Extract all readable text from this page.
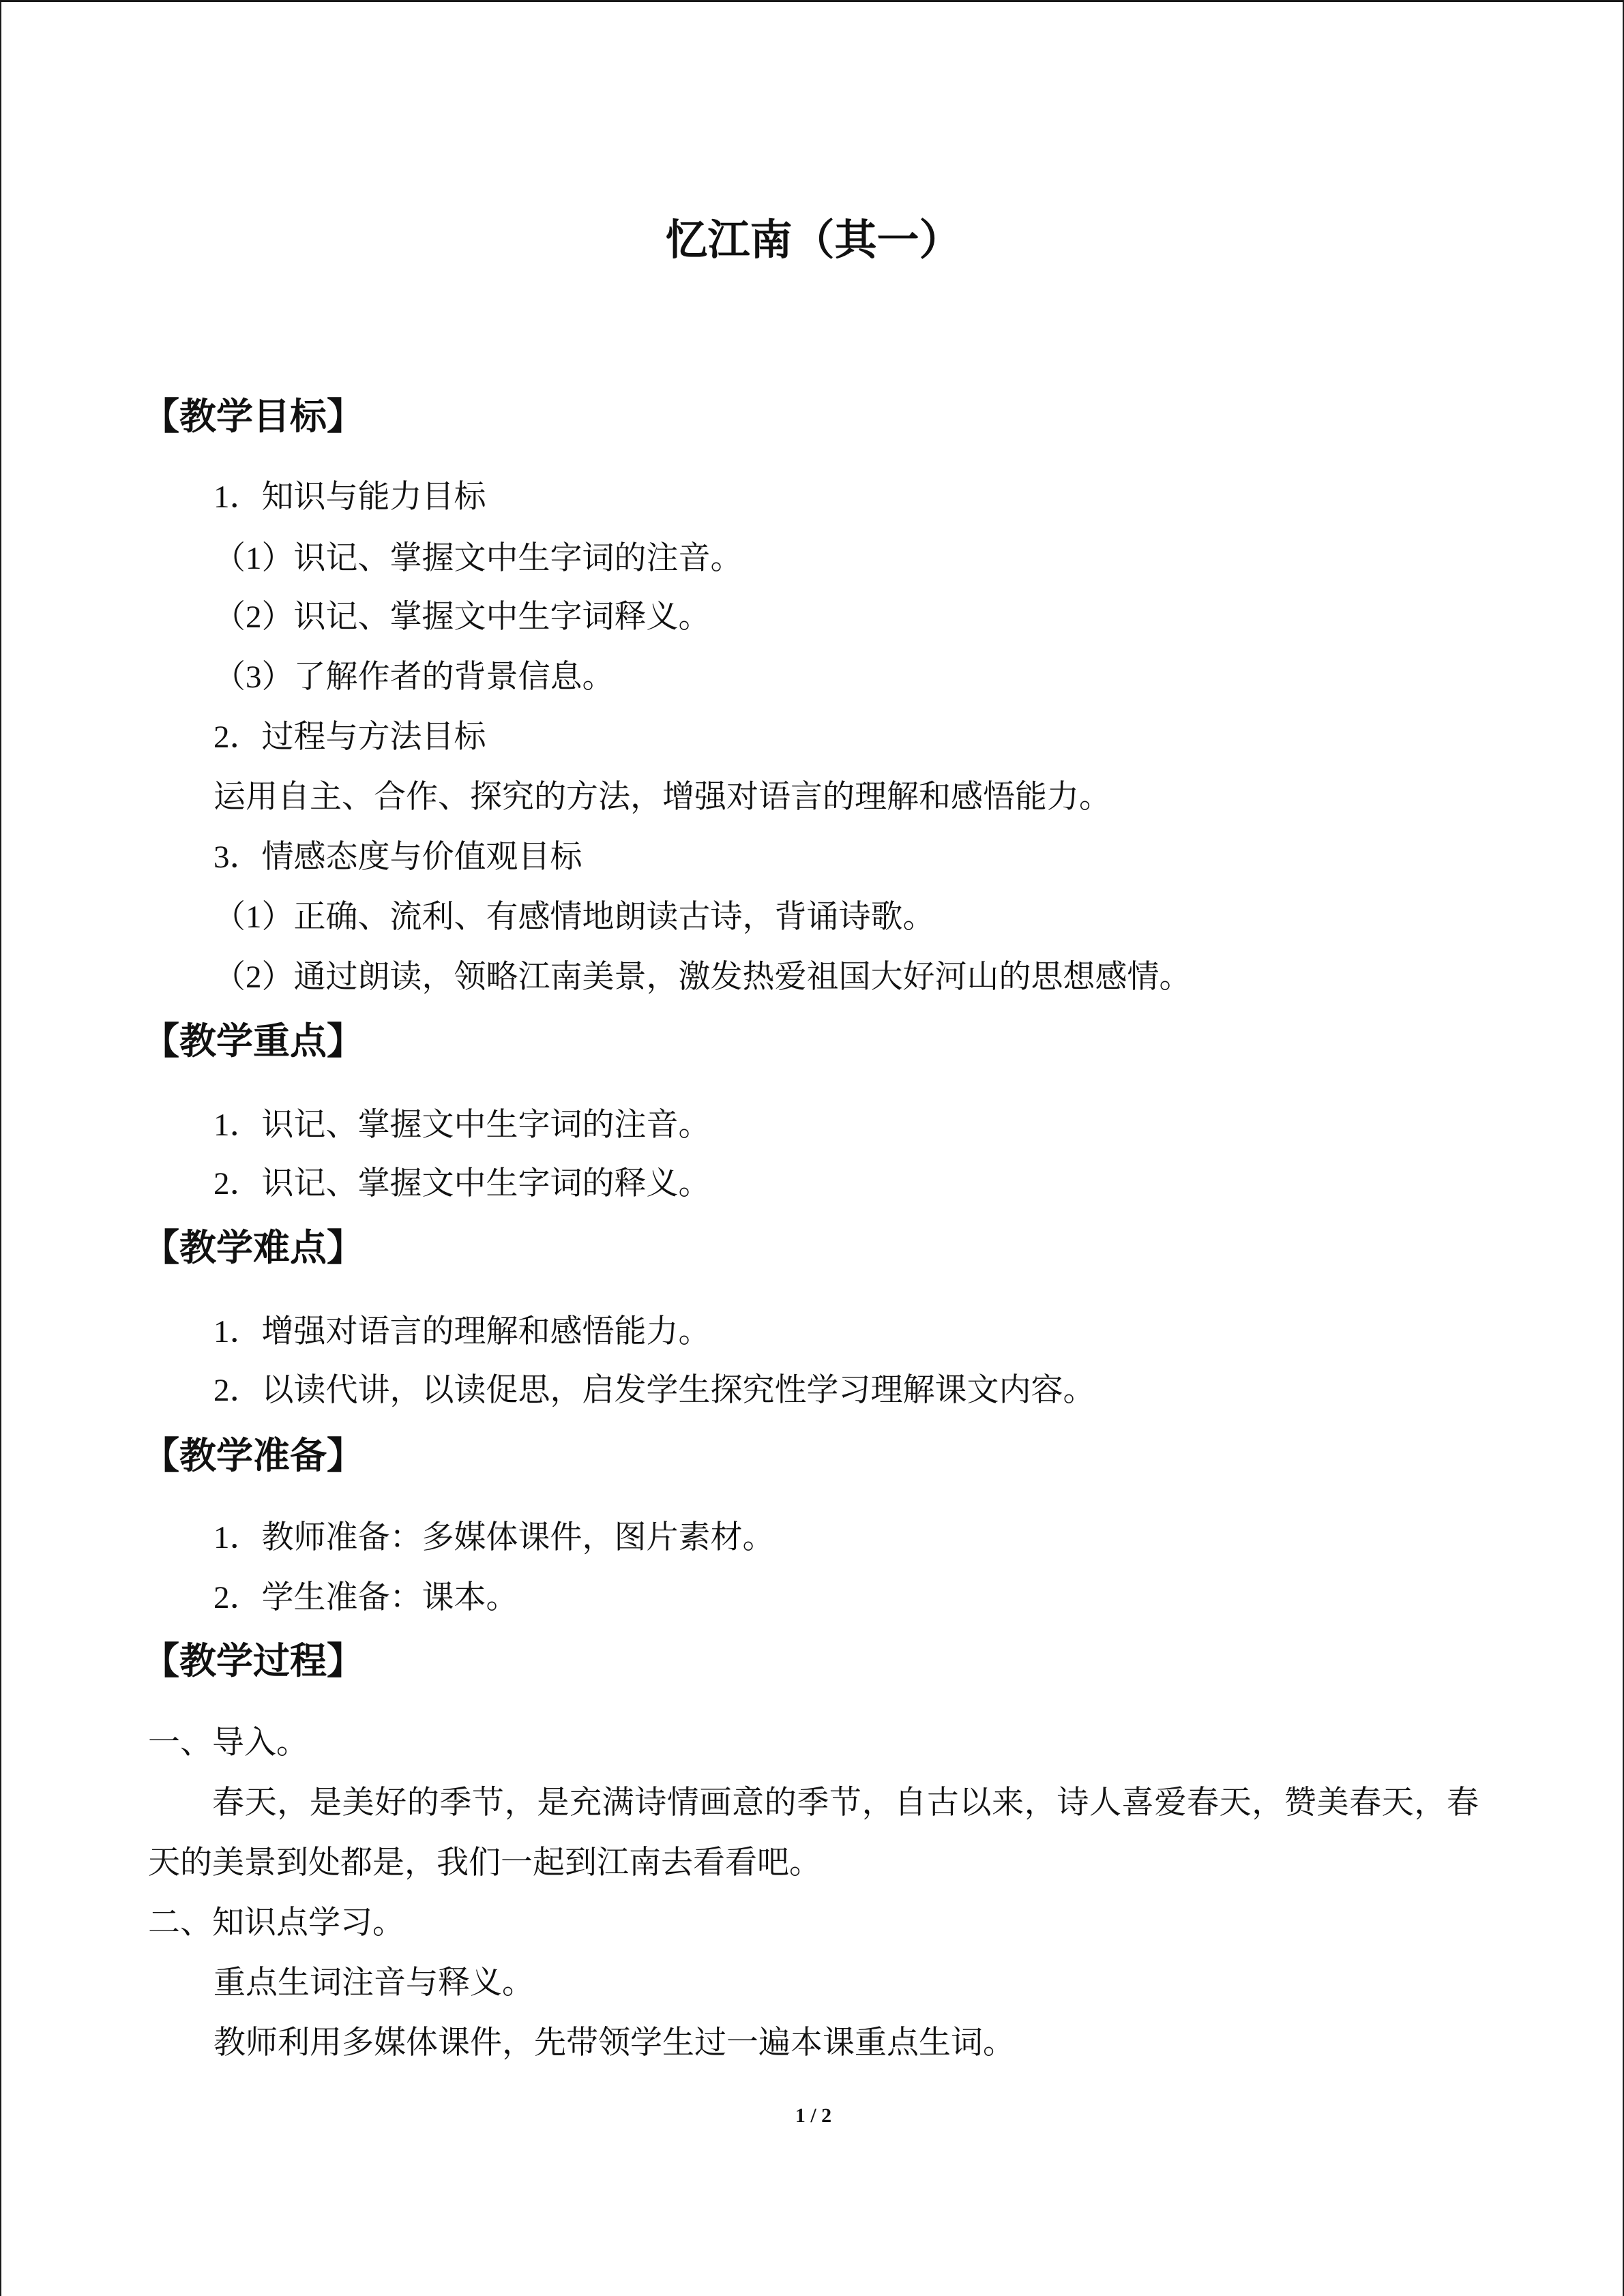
忆江南（其一）
【教学目标】
1．知识与能力目标
（1）识记、掌握文中生字词的注音。
（2）识记、掌握文中生字词释义。
（3）了解作者的背景信息。
2．过程与方法目标
运用自主、合作、探究的方法，增强对语言的理解和感悟能力。
3．情感态度与价值观目标
（1）正确、流利、有感情地朗读古诗，背诵诗歌。
（2）通过朗读，领略江南美景，激发热爱祖国大好河山的思想感情。
【教学重点】
1．识记、掌握文中生字词的注音。
2．识记、掌握文中生字词的释义。
【教学难点】
1．增强对语言的理解和感悟能力。
2．以读代讲，以读促思，启发学生探究性学习理解课文内容。
【教学准备】
1．教师准备：多媒体课件，图片素材。
2．学生准备：课本。
【教学过程】
一、导入。
春天，是美好的季节，是充满诗情画意的季节，自古以来，诗人喜爱春天，赞美春天，春天的美景到处都是，我们一起到江南去看看吧。
二、知识点学习。
重点生词注音与释义。
教师利用多媒体课件，先带领学生过一遍本课重点生词。
1 / 2
